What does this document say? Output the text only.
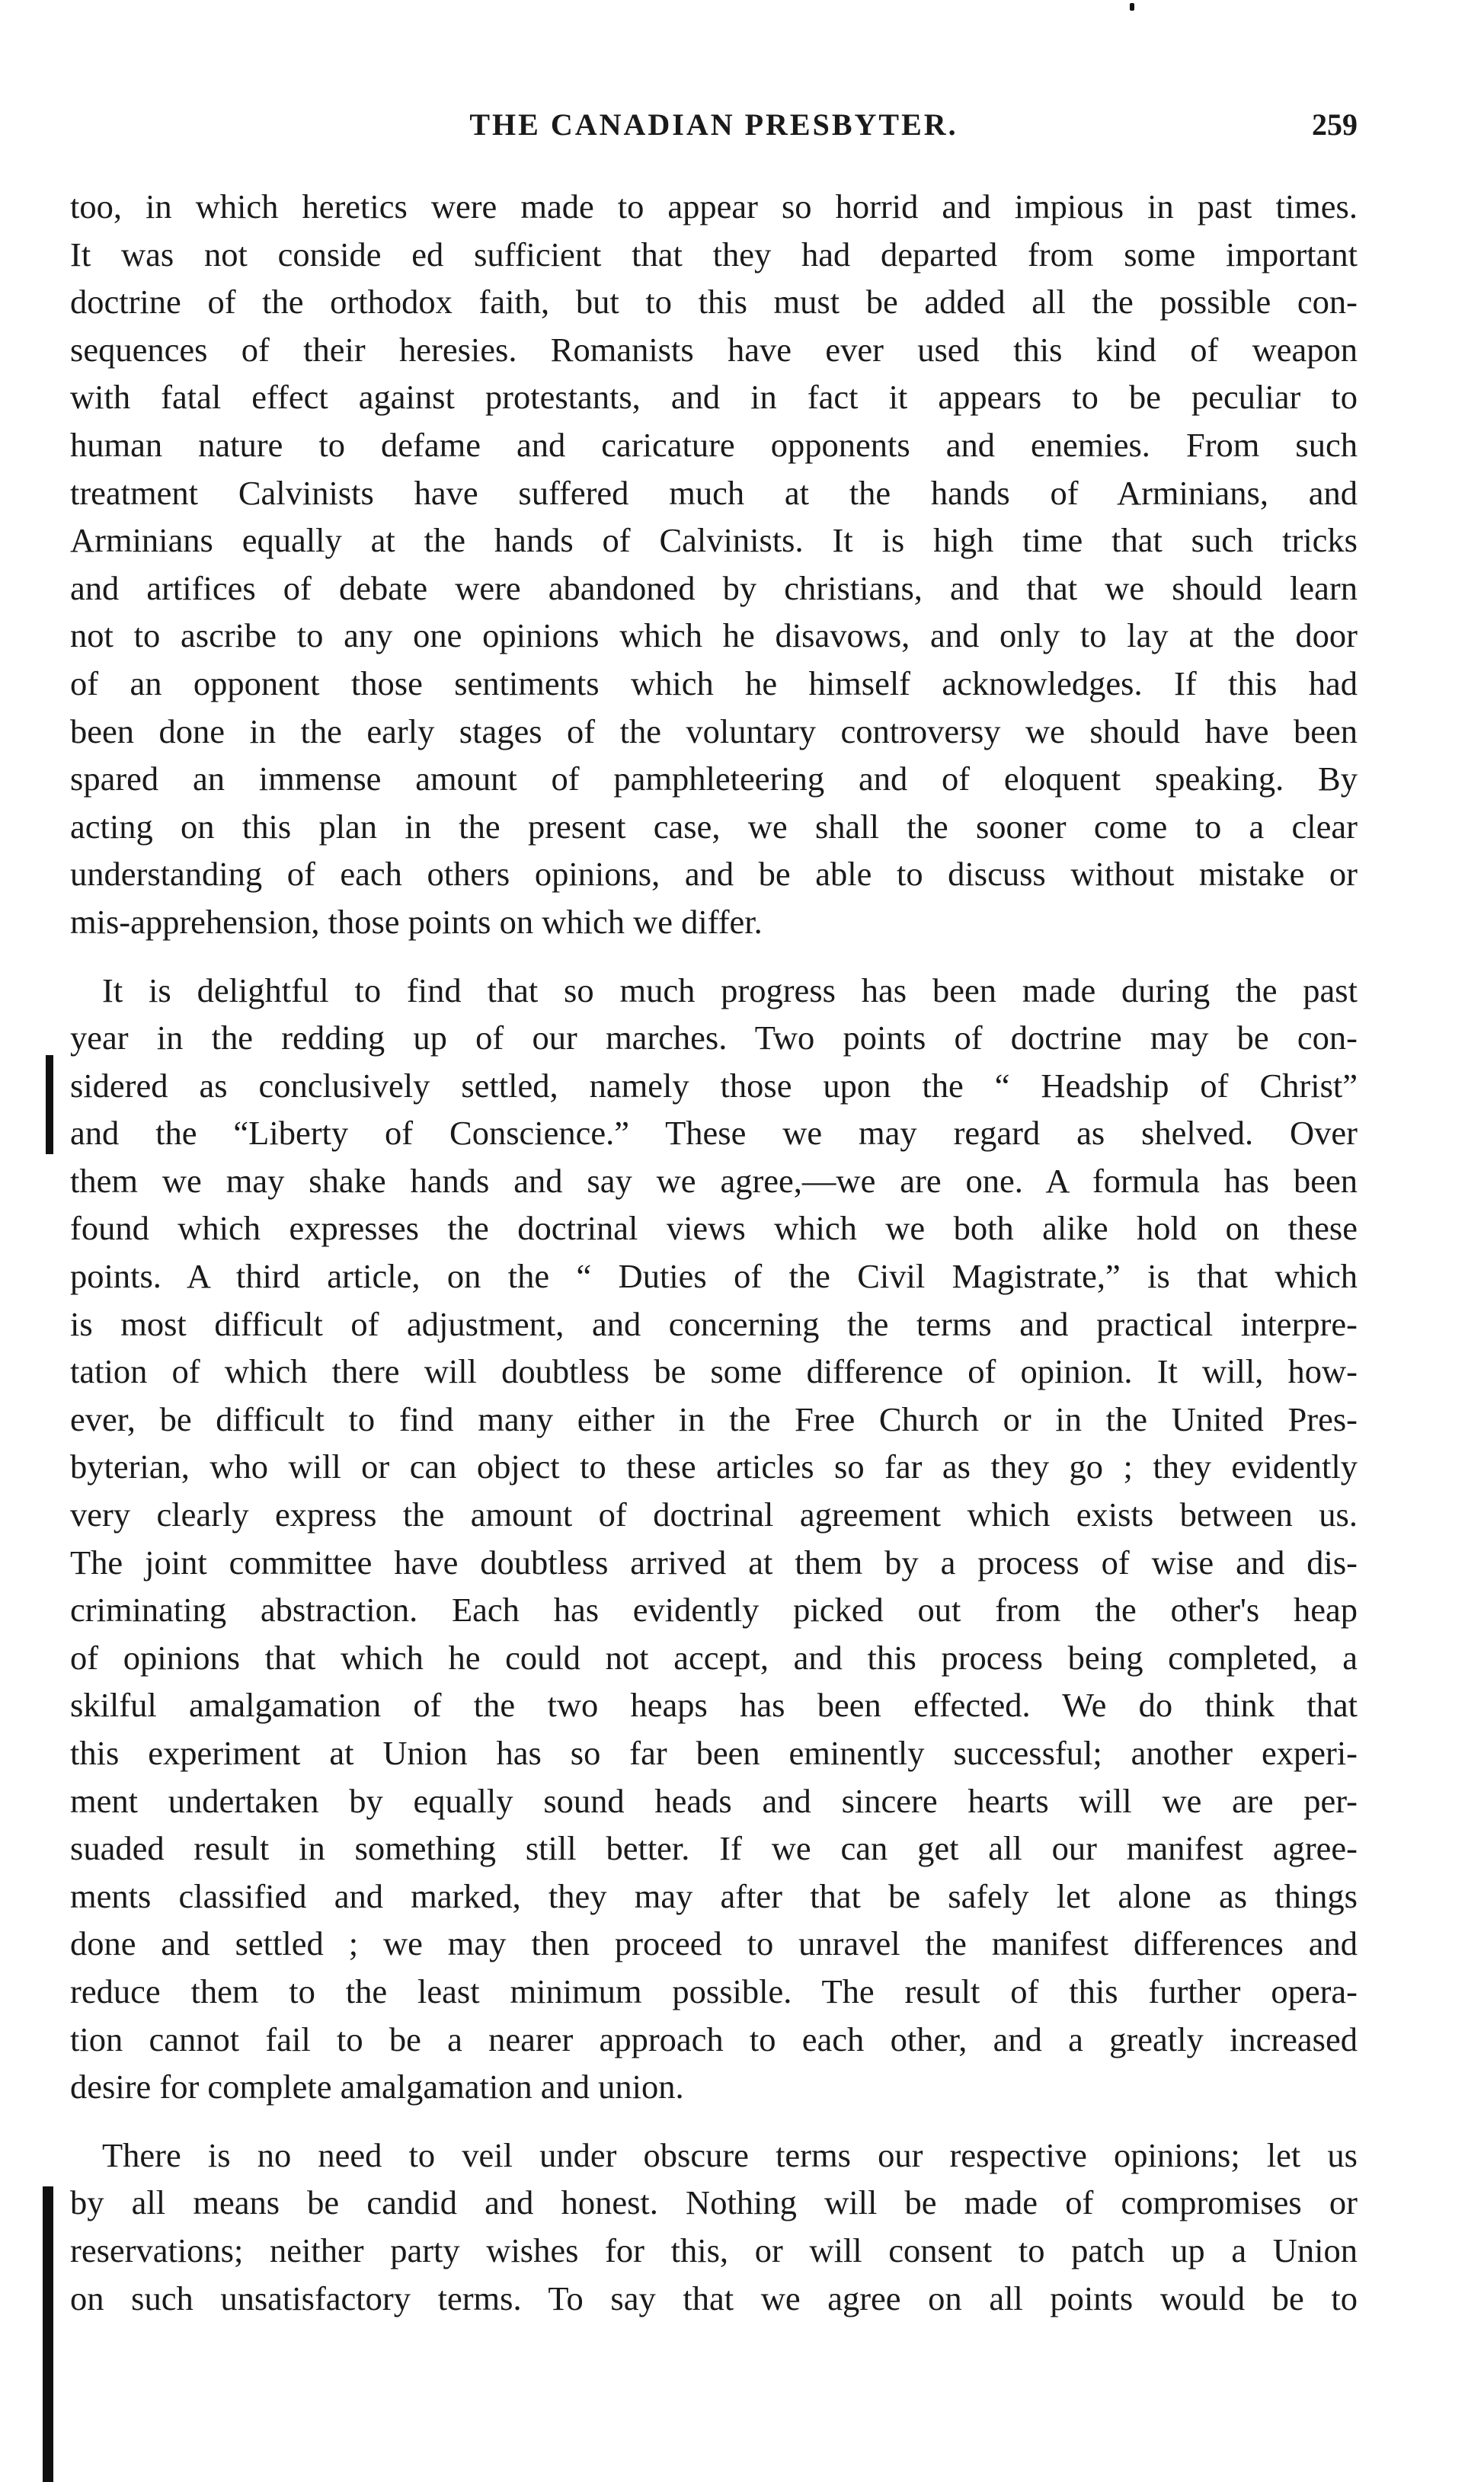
THE CANADIAN PRESBYTER.	259
too, in which heretics were made to appear so horrid and impious in past times.
It was not conside ed sufficient that they had departed from some important
doctrine of the orthodox faith, but to this must be added all the possible con-
sequences of their heresies. Romanists have ever used this kind of weapon
with fatal effect against protestants, and in fact it appears to be peculiar to
human nature to defame and caricature opponents and enemies. From such
treatment Calvinists have suffered much at the hands of Arminians, and
Arminians equally at the hands of Calvinists. It is high time that such tricks
and artifices of debate were abandoned by christians, and that we should learn
not to ascribe to any one opinions which he disavows, and only to lay at the door
of an opponent those sentiments which he himself acknowledges. If this had
been done in the early stages of the voluntary controversy we should have been
spared an immense amount of pamphleteering and of eloquent speaking. By
acting on this plan in the present case, we shall the sooner come to a clear
understanding of each others opinions, and be able to discuss without mistake or
mis-apprehension, those points on which we differ.
It is delightful to find that so much progress has been made during the past
year in the redding up of our marches. Two points of doctrine may be con-
sidered as conclusively settled, namely those upon the “ Headship of Christ”
and the “Liberty of Conscience.” These we may regard as shelved. Over
them we may shake hands and say we agree,—we are one. A formula has been
found which expresses the doctrinal views which we both alike hold on these
points. A third article, on the “ Duties of the Civil Magistrate,” is that which
is most difficult of adjustment, and concerning the terms and practical interpre-
tation of which there will doubtless be some difference of opinion. It will, how-
ever, be difficult to find many either in the Free Church or in the United Pres-
byterian, who will or can object to these articles so far as they go ; they evidently
very clearly express the amount of doctrinal agreement which exists between us.
The joint committee have doubtless arrived at them by a process of wise and dis-
criminating abstraction. Each has evidently picked out from the other's heap
of opinions that which he could not accept, and this process being completed, a
skilful amalgamation of the two heaps has been effected. We do think that
this experiment at Union has so far been eminently successful; another experi-
ment undertaken by equally sound heads and sincere hearts will we are per-
suaded result in something still better. If we can get all our manifest agree-
ments classified and marked, they may after that be safely let alone as things
done and settled ; we may then proceed to unravel the manifest differences and
reduce them to the least minimum possible. The result of this further opera-
tion cannot fail to be a nearer approach to each other, and a greatly increased
desire for complete amalgamation and union.
There is no need to veil under obscure terms our respective opinions; let us
by all means be candid and honest. Nothing will be made of compromises or
reservations; neither party wishes for this, or will consent to patch up a Union
on such unsatisfactory terms. To say that we agree on all points would be to
